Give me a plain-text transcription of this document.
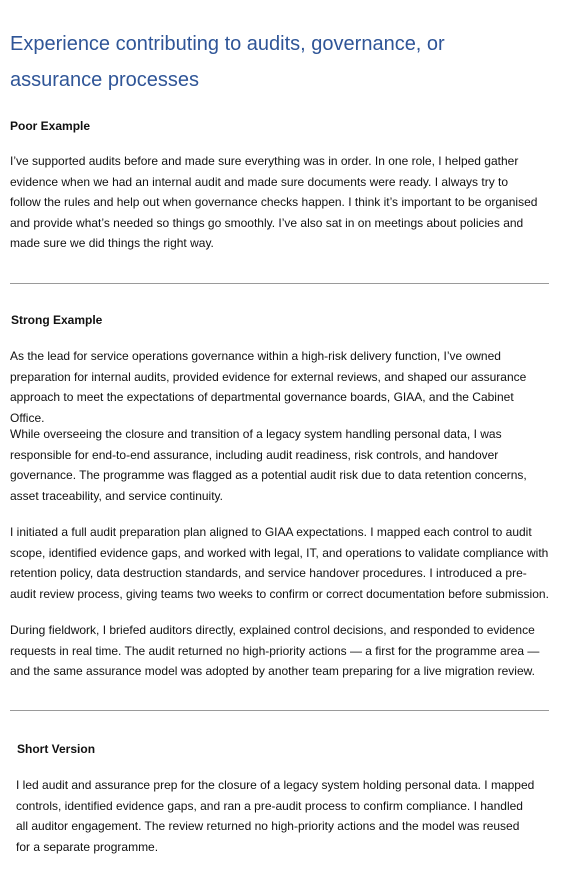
Experience contributing to audits, governance, or assurance processes
Poor Example

I’ve supported audits before and made sure everything was in order. In one role, I helped gather evidence when we had an internal audit and made sure documents were ready. I always try to follow the rules and help out when governance checks happen. I think it’s important to be organised and provide what’s needed so things go smoothly. I’ve also sat in on meetings about policies and made sure we did things the right way.

Strong Example

As the lead for service operations governance within a high-risk delivery function, I’ve owned preparation for internal audits, provided evidence for external reviews, and shaped our assurance approach to meet the expectations of departmental governance boards, GIAA, and the Cabinet Office.

While overseeing the closure and transition of a legacy system handling personal data, I was responsible for end-to-end assurance, including audit readiness, risk controls, and handover governance. The programme was flagged as a potential audit risk due to data retention concerns, asset traceability, and service continuity.

I initiated a full audit preparation plan aligned to GIAA expectations. I mapped each control to audit scope, identified evidence gaps, and worked with legal, IT, and operations to validate compliance with retention policy, data destruction standards, and service handover procedures. I introduced a pre-audit review process, giving teams two weeks to confirm or correct documentation before submission.

During fieldwork, I briefed auditors directly, explained control decisions, and responded to evidence requests in real time. The audit returned no high-priority actions — a first for the programme area — and the same assurance model was adopted by another team preparing for a live migration review.

Short Version

I led audit and assurance prep for the closure of a legacy system holding personal data. I mapped controls, identified evidence gaps, and ran a pre-audit process to confirm compliance. I handled all auditor engagement. The review returned no high-priority actions and the model was reused for a separate programme.
